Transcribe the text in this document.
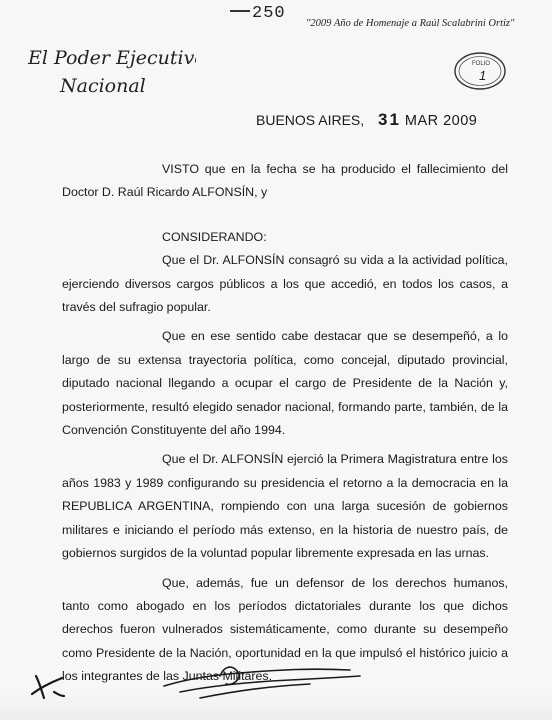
250
"2009 Año de Homenaje a Raúl Scalabrini Ortiz"
El Poder Ejecutivo
Nacional
FOLIO
1
BUENOS AIRES, 31 MAR 2009

VISTO que en la fecha se ha producido el fallecimiento del Doctor D. Raúl Ricardo ALFONSÍN, y

CONSIDERANDO:

Que el Dr. ALFONSÍN consagró su vida a la actividad política, ejerciendo diversos cargos públicos a los que accedió, en todos los casos, a través del sufragio popular.

Que en ese sentido cabe destacar que se desempeñó, a lo largo de su extensa trayectoria política, como concejal, diputado provincial, diputado nacional llegando a ocupar el cargo de Presidente de la Nación y, posteriormente, resultó elegido senador nacional, formando parte, también, de la Convención Constituyente del año 1994.

Que el Dr. ALFONSÍN ejerció la Primera Magistratura entre los años 1983 y 1989 configurando su presidencia el retorno a la democracia en la REPUBLICA ARGENTINA, rompiendo con una larga sucesión de gobiernos militares e iniciando el período más extenso, en la historia de nuestro país, de gobiernos surgidos de la voluntad popular libremente expresada en las urnas.

Que, además, fue un defensor de los derechos humanos, tanto como abogado en los períodos dictatoriales durante los que dichos derechos fueron vulnerados sistemáticamente, como durante su desempeño como Presidente de la Nación, oportunidad en la que impulsó el histórico juicio a los integrantes de las Juntas Militares.
